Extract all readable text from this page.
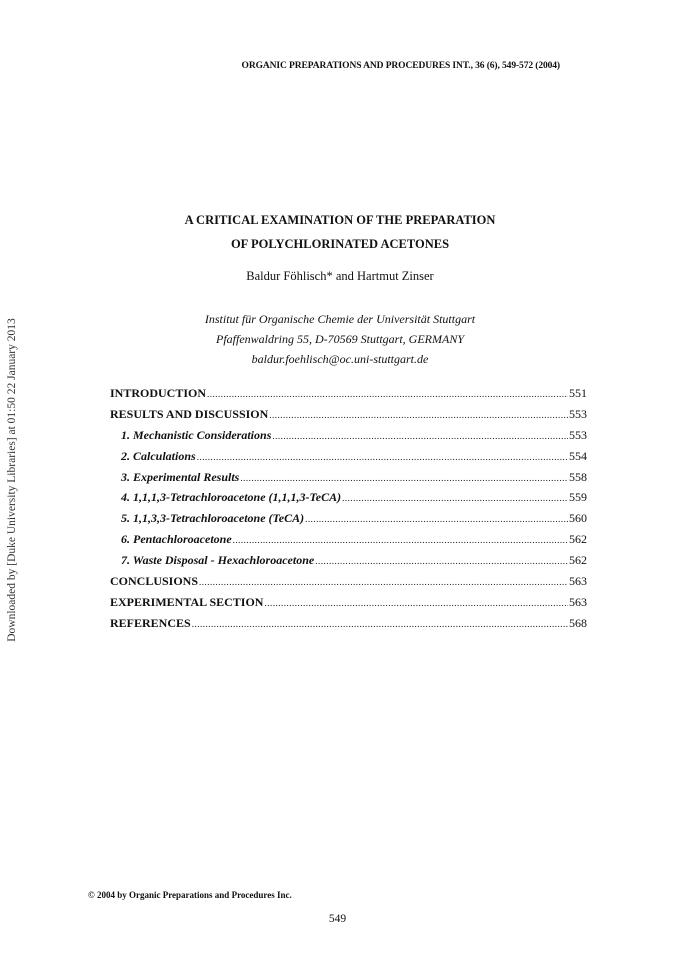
ORGANIC PREPARATIONS AND PROCEDURES INT., 36 (6), 549-572 (2004)
A CRITICAL EXAMINATION OF THE PREPARATION
OF POLYCHLORINATED ACETONES
Baldur Föhlisch* and Hartmut Zinser
Institut für Organische Chemie der Universität Stuttgart
Pfaffenwaldring 55, D-70569 Stuttgart, GERMANY
baldur.foehlisch@oc.uni-stuttgart.de
Downloaded by [Duke University Libraries] at 01:50 22 January 2013	INTRODUCTION .....	551
RESULTS AND DISCUSSION .....	553
1. Mechanistic Considerations .....	553
2. Calculations .....	554
3. Experimental Results .....	558
4. 1,1,1,3-Tetrachloroacetone (1,1,1,3-TeCA) .....	559
5. 1,1,3,3-Tetrachloroacetone (TeCA) .....	560
6. Pentachloroacetone .....	562
7. Waste Disposal - Hexachloroacetone .....	562
CONCLUSIONS .....	563
EXPERIMENTAL SECTION .....	563
REFERENCES .....	568
© 2004 by Organic Preparations and Procedures Inc.
549
